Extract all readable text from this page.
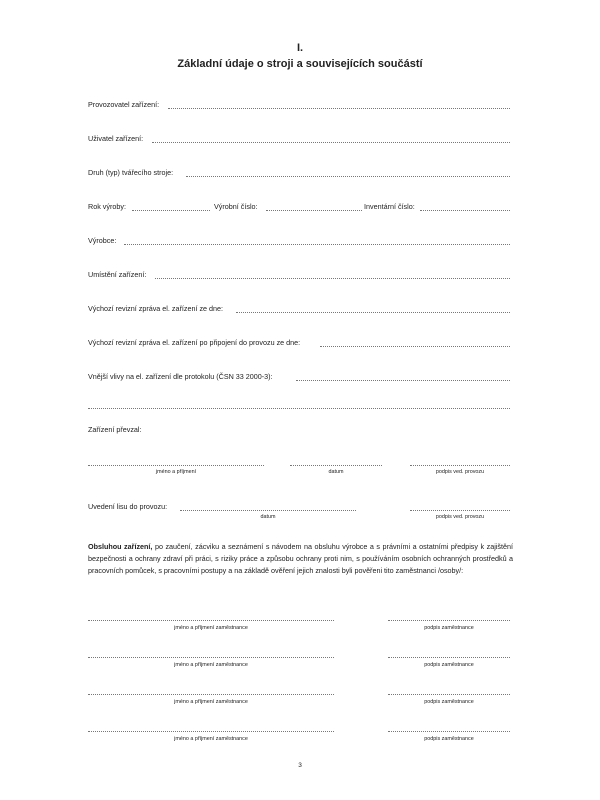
I.
Základní údaje o stroji a souvisejících součástí
Provozovatel zařízení:
Uživatel zařízení:
Druh (typ) tvářecího stroje:
Rok výroby:	Výrobní číslo:	Inventární číslo:
Výrobce:
Umístění zařízení:
Výchozí revizní zpráva el. zařízení ze dne:
Výchozí revizní zpráva el. zařízení po připojení do provozu ze dne:
Vnější vlivy na el. zařízení dle protokolu (ČSN 33 2000-3):
Zařízení převzal:
jméno a příjmení	datum	podpis ved. provozu
Uvedení lisu do provozu:
datum	podpis ved. provozu
Obsluhou zařízení, po zaučení, zácviku a seznámení s návodem na obsluhu výrobce a s právními a ostatními předpisy k zajištění bezpečnosti a ochrany zdraví při práci, s riziky práce a způsobu ochrany proti nim, s používáním osobních ochranných prostředků a pracovních pomůcek, s pracovními postupy a na základě ověření jejich znalosti byli pověřeni tito zaměstnanci /osoby/:
jméno a příjmení zaměstnance	podpis zaměstnance
jméno a příjmení zaměstnance	podpis zaměstnance
jméno a příjmení zaměstnance	podpis zaměstnance
jméno a příjmení zaměstnance	podpis zaměstnance
3
